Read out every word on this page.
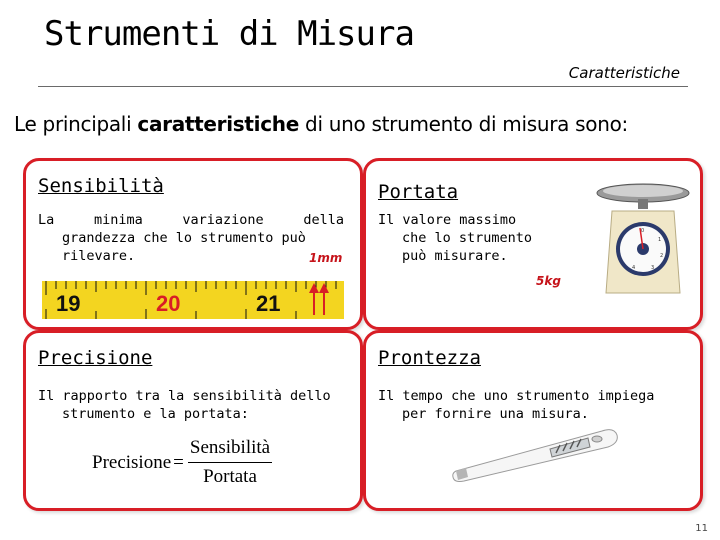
Strumenti di Misura
Caratteristiche
Le principali caratteristiche di uno strumento di misura sono:
Sensibilità
La minima variazione della
grandezza che lo strumento può
rilevare.	1mm
19	20	21
Portata
Il valore massimo
che lo strumento
può misurare.
5kg
0
1
2
3
4
Precisione
Il rapporto tra la sensibilità dello
strumento e la portata:
Precisione = $\frac{\text{Sensibilità}}{\text{Portata}}$
Prontezza
Il tempo che uno strumento impiega
per fornire una misura.
11
